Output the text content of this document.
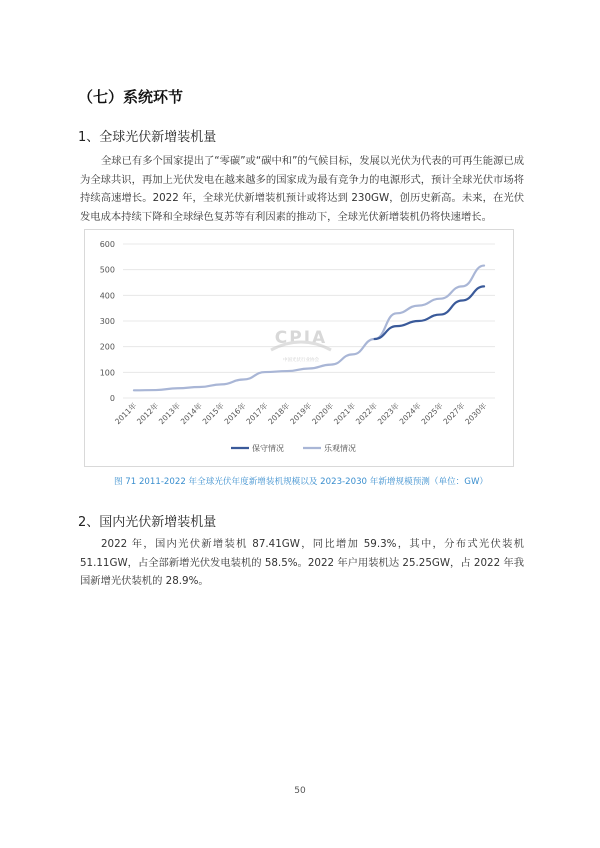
（七）系统环节
1、全球光伏新增装机量

全球已有多个国家提出了“零碳”或“碳中和”的气候目标，发展以光伏为代表的可再生能源已成为全球共识，再加上光伏发电在越来越多的国家成为最有竞争力的电源形式，预计全球光伏市场将持续高速增长。2022 年，全球光伏新增装机预计或将达到 230GW，创历史新高。未来，在光伏发电成本持续下降和全球绿色复苏等有利因素的推动下，全球光伏新增装机仍将快速增长。

0
100
200
300
400
500
600
2011年
2012年
2013年
2014年
2015年
2016年
2017年
2018年
2019年
2020年
2021年
2022年
2023年
2024年
2025年
2027年
2030年
CPIA
中国光伏行业协会
保守情况	乐观情况
图 71 2011-2022 年全球光伏年度新增装机规模以及 2023-2030 年新增规模预测（单位：GW）
2、国内光伏新增装机量

2022 年，国内光伏新增装机 87.41GW，同比增加 59.3%，其中，分布式光伏装机 51.11GW，占全部新增光伏发电装机的 58.5%。2022 年户用装机达 25.25GW，占 2022 年我国新增光伏装机的 28.9%。

50
